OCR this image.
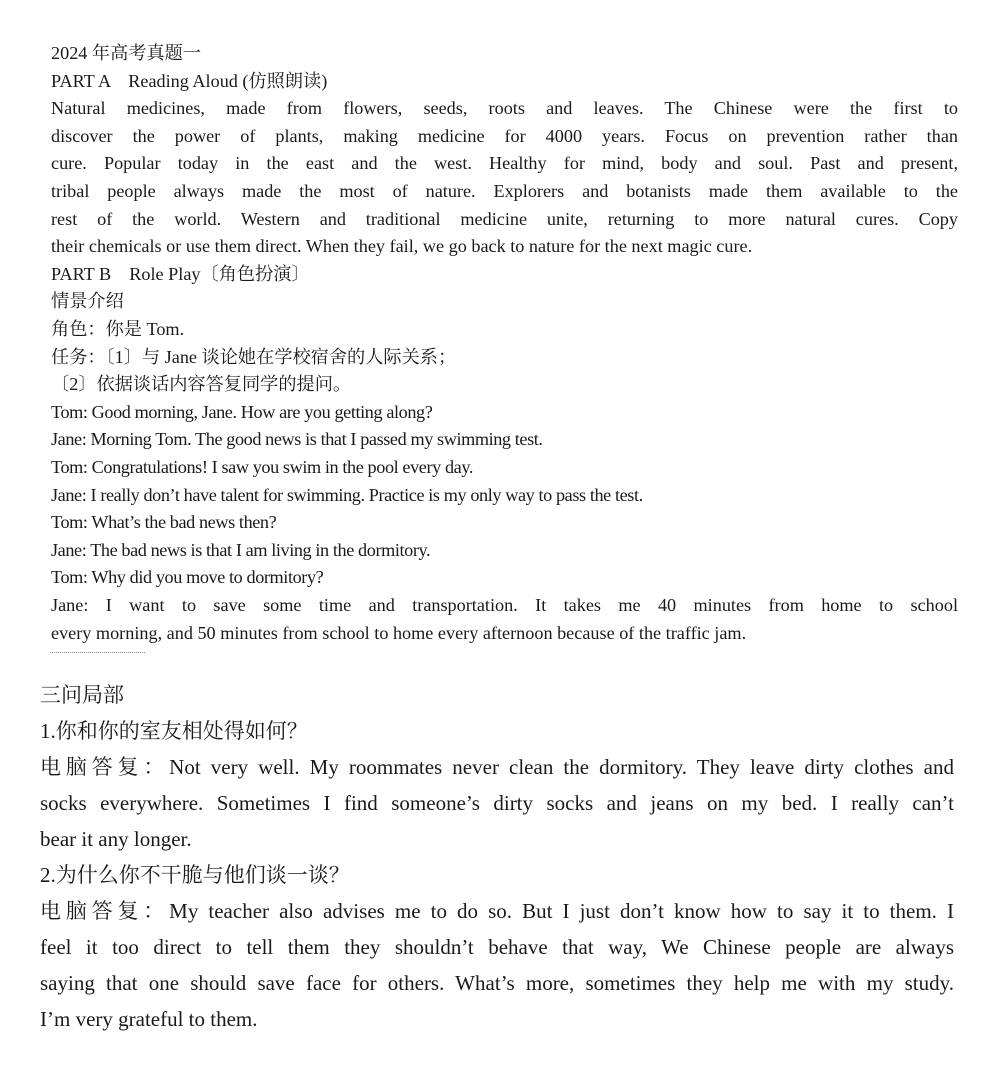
2024 年高考真题一
PART A　Reading Aloud (仿照朗读)
Natural medicines, made from flowers, seeds, roots and leaves. The Chinese were the first to
discover the power of plants, making medicine for 4000 years. Focus on prevention rather than
cure. Popular today in the east and the west. Healthy for mind, body and soul. Past and present,
tribal people always made the most of nature. Explorers and botanists made them available to the
rest of the world. Western and traditional medicine unite, returning to more natural cures. Copy
their chemicals or use them direct. When they fail, we go back to nature for the next magic cure.
PART B　Role Play〔角色扮演〕
情景介绍
角色：你是 Tom.
任务：〔1〕与 Jane 谈论她在学校宿舍的人际关系；
〔2〕依据谈话内容答复同学的提问。
Tom: Good morning, Jane. How are you getting along?
Jane: Morning Tom. The good news is that I passed my swimming test.
Tom: Congratulations! I saw you swim in the pool every day.
Jane: I really don’t have talent for swimming. Practice is my only way to pass the test.
Tom: What’s the bad news then?
Jane: The bad news is that I am living in the dormitory.
Tom: Why did you move to dormitory?
Jane: I want to save some time and transportation. It takes me 40 minutes from home to school
every morning, and 50 minutes from school to home every afternoon because of the traffic jam.
三问局部
1.你和你的室友相处得如何？
电脑答复：Not very well. My roommates never clean the dormitory. They leave dirty clothes and
socks everywhere. Sometimes I find someone’s dirty socks and jeans on my bed. I really can’t
bear it any longer.
2.为什么你不干脆与他们谈一谈？
电脑答复：My teacher also advises me to do so. But I just don’t know how to say it to them. I
feel it too direct to tell them they shouldn’t behave that way, We Chinese people are always
saying that one should save face for others. What’s more, sometimes they help me with my study.
I’m very grateful to them.
